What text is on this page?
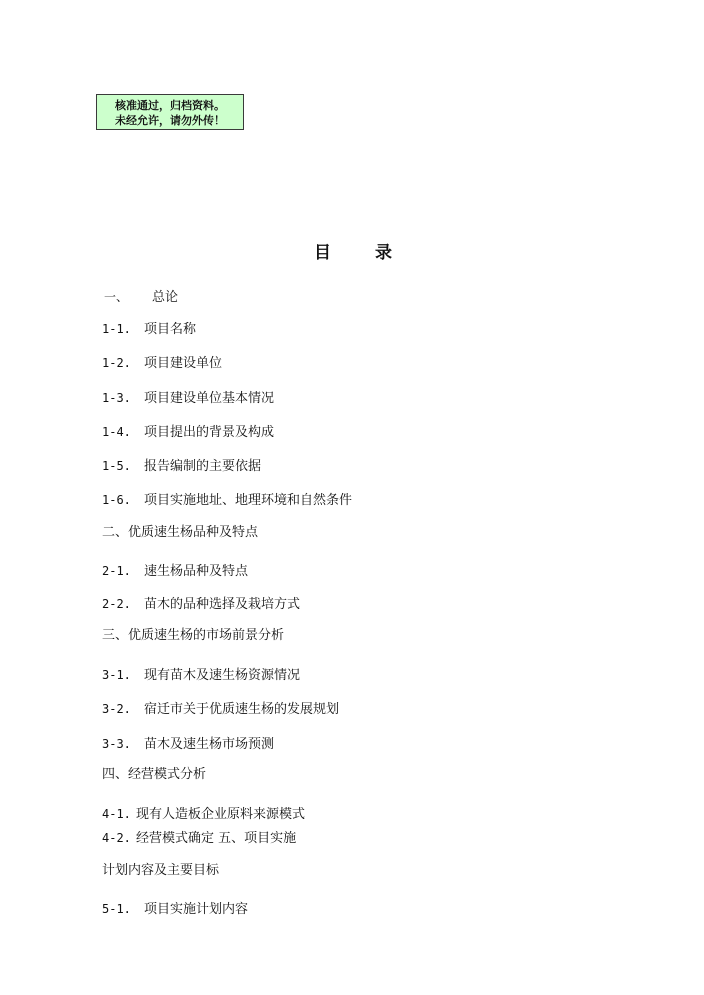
核准通过，归档资料。
未经允许，请勿外传！
目	录
一、 总论
1-1. 项目名称
1-2. 项目建设单位
1-3. 项目建设单位基本情况
1-4. 项目提出的背景及构成
1-5. 报告编制的主要依据
1-6. 项目实施地址、地理环境和自然条件
二、优质速生杨品种及特点
2-1. 速生杨品种及特点
2-2. 苗木的品种选择及栽培方式
三、优质速生杨的市场前景分析
3-1. 现有苗木及速生杨资源情况
3-2. 宿迁市关于优质速生杨的发展规划
3-3. 苗木及速生杨市场预测
四、经营模式分析
4-1. 现有人造板企业原料来源模式
4-2. 经营模式确定 五、项目实施
计划内容及主要目标
5-1. 项目实施计划内容
